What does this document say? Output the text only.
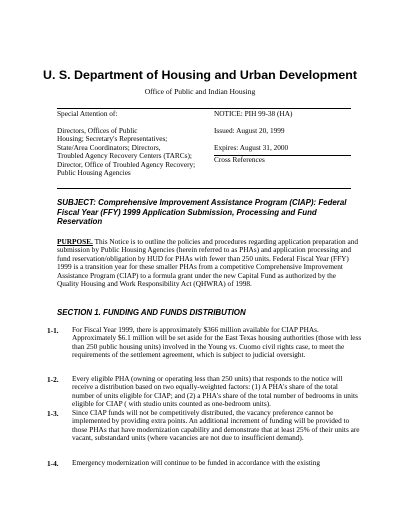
U. S. Department of Housing and Urban Development
Office of Public and Indian Housing
Special Attention of:
Directors, Offices of Public
Housing; Secretary's Representatives;
State/Area Coordinators; Directors,
Troubled Agency Recovery Centers (TARCs);
Director, Office of Troubled Agency Recovery;
Public Housing Agencies
NOTICE: PIH 99-38 (HA)
Issued: August 20, 1999
Expires: August 31, 2000
Cross References
SUBJECT: Comprehensive Improvement Assistance Program (CIAP): Federal Fiscal Year (FFY) 1999 Application Submission, Processing and Fund Reservation
PURPOSE. This Notice is to outline the policies and procedures regarding application preparation and submission by Public Housing Agencies (herein referred to as PHAs) and application processing and fund reservation/obligation by HUD for PHAs with fewer than 250 units. Federal Fiscal Year (FFY) 1999 is a transition year for these smaller PHAs from a competitive Comprehensive Improvement Assistance Program (CIAP) to a formula grant under the new Capital Fund as authorized by the Quality Housing and Work Responsibility Act (QHWRA) of 1998.
SECTION 1. FUNDING AND FUNDS DISTRIBUTION
1-1. For Fiscal Year 1999, there is approximately $366 million available for CIAP PHAs. Approximately $6.1 million will be set aside for the East Texas housing authorities (those with less than 250 public housing units) involved in the Young vs. Cuomo civil rights case, to meet the requirements of the settlement agreement, which is subject to judicial oversight.
1-2. Every eligible PHA (owning or operating less than 250 units) that responds to the notice will receive a distribution based on two equally-weighted factors: (1) A PHA's share of the total number of units eligible for CIAP; and (2) a PHA's share of the total number of bedrooms in units eligible for CIAP ( with studio units counted as one-bedroom units).
1-3. Since CIAP funds will not be competitively distributed, the vacancy preference cannot be implemented by providing extra points. An additional increment of funding will be provided to those PHAs that have modernization capability and demonstrate that at least 25% of their units are vacant, substandard units (where vacancies are not due to insufficient demand).
1-4. Emergency modernization will continue to be funded in accordance with the existing
